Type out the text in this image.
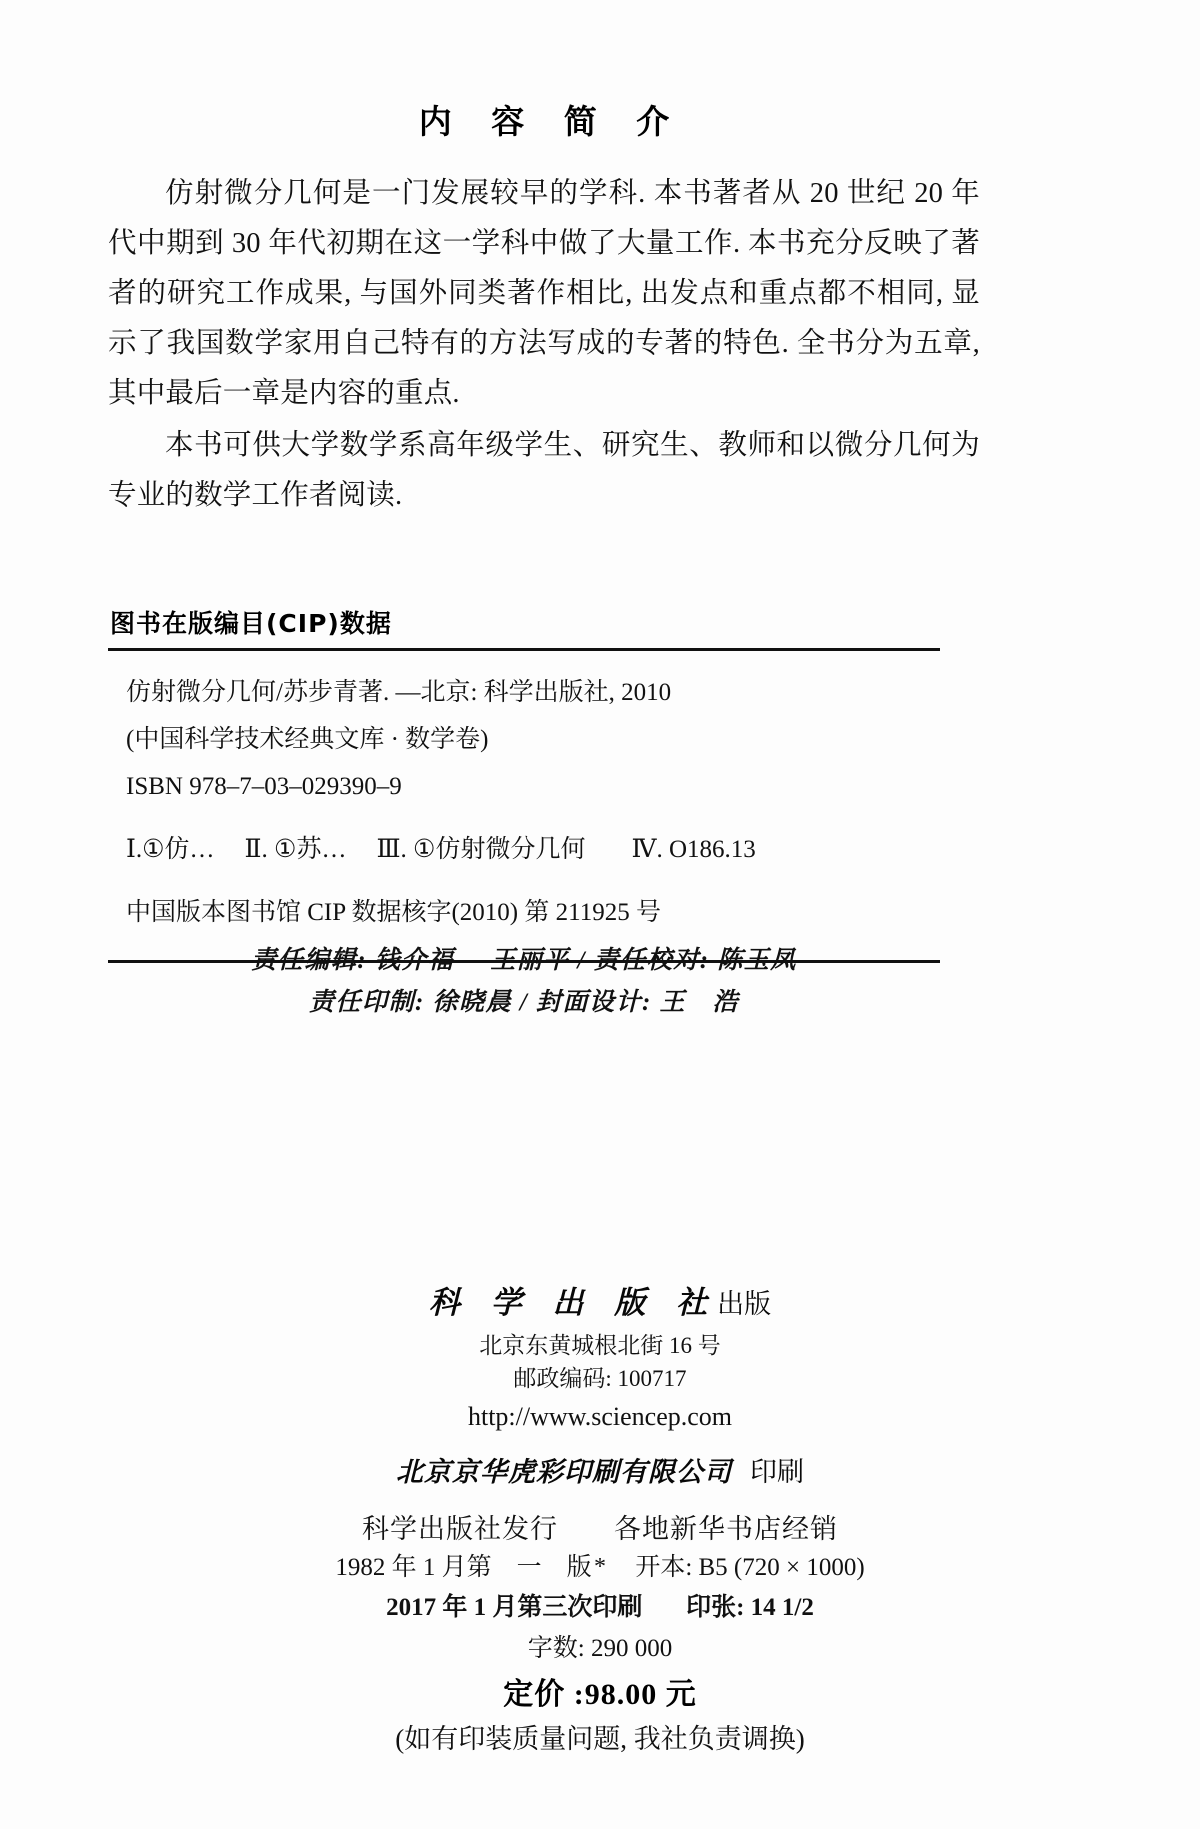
内 容 简 介

仿射微分几何是一门发展较早的学科. 本书著者从 20 世纪 20 年代中期到 30 年代初期在这一学科中做了大量工作. 本书充分反映了著者的研究工作成果, 与国外同类著作相比, 出发点和重点都不相同, 显示了我国数学家用自己特有的方法写成的专著的特色. 全书分为五章, 其中最后一章是内容的重点.

本书可供大学数学系高年级学生、研究生、教师和以微分几何为专业的数学工作者阅读.

图书在版编目(CIP)数据

仿射微分几何/苏步青著. —北京: 科学出版社, 2010

(中国科学技术经典文库 · 数学卷)

ISBN 978–7–03–029390–9

Ⅰ.①仿… Ⅱ. ①苏… Ⅲ. ①仿射微分几何 Ⅳ. O186.13

中国版本图书馆 CIP 数据核字(2010) 第 211925 号

责任编辑: 钱介福 王丽平 / 责任校对: 陈玉凤

责任印制: 徐晓晨 / 封面设计: 王　浩

科 学 出 版 社出版

北京东黄城根北街 16 号

邮政编码: 100717

http://www.sciencep.com

北京京华虎彩印刷有限公司 印刷

科学出版社发行　　各地新华书店经销

*

1982 年 1 月第　一　版 开本: B5 (720 × 1000)

2017 年 1 月第三次印刷 印张: 14 1/2

字数: 290 000

定价 :98.00 元

(如有印装质量问题, 我社负责调换)
